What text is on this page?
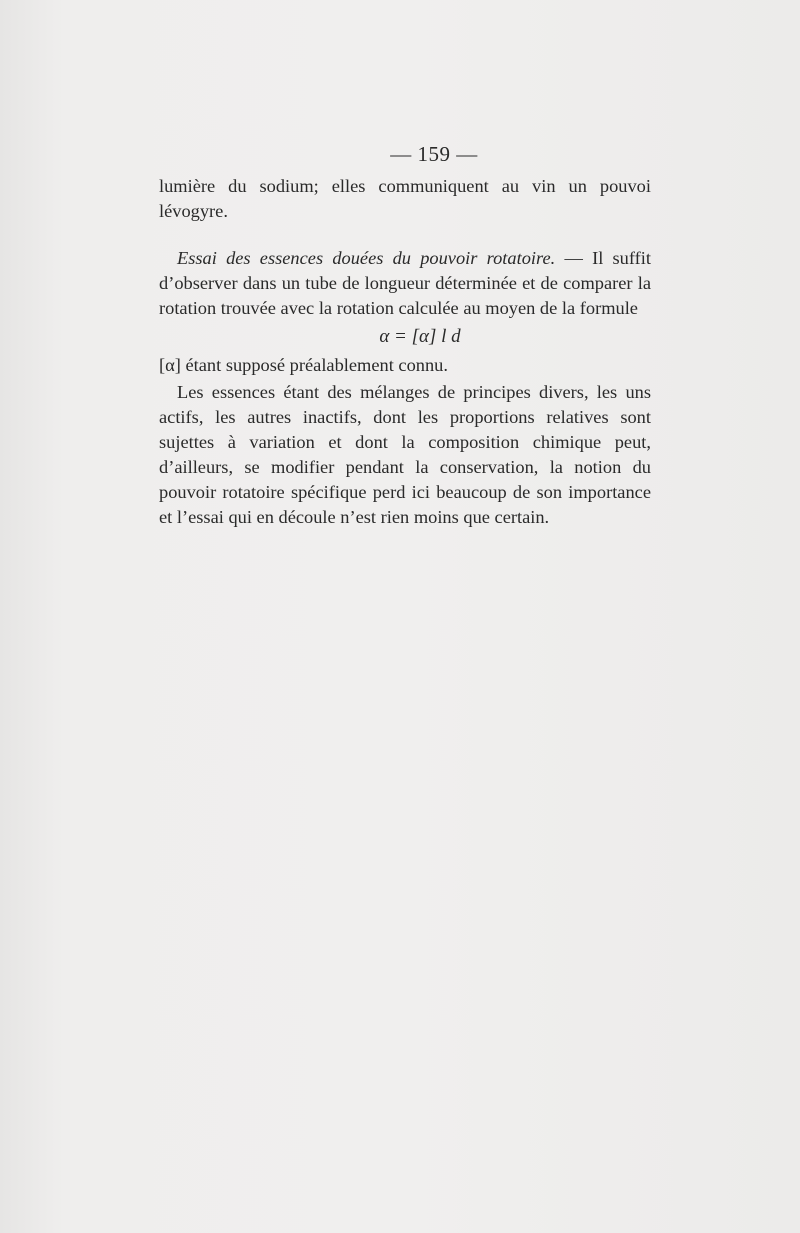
— 159 —

lumière du sodium; elles communiquent au vin un pouvoi lévogyre.

Essai des essences douées du pouvoir rotatoire. — Il suffit d’observer dans un tube de longueur déterminée et de comparer la rotation trouvée avec la rotation calculée au moyen de la formule

α = [α] l d

[α] étant supposé préalablement connu.

Les essences étant des mélanges de principes divers, les uns actifs, les autres inactifs, dont les proportions relatives sont sujettes à variation et dont la composition chimique peut, d’ailleurs, se modifier pendant la conservation, la notion du pouvoir rotatoire spécifique perd ici beaucoup de son importance et l’essai qui en découle n’est rien moins que certain.
